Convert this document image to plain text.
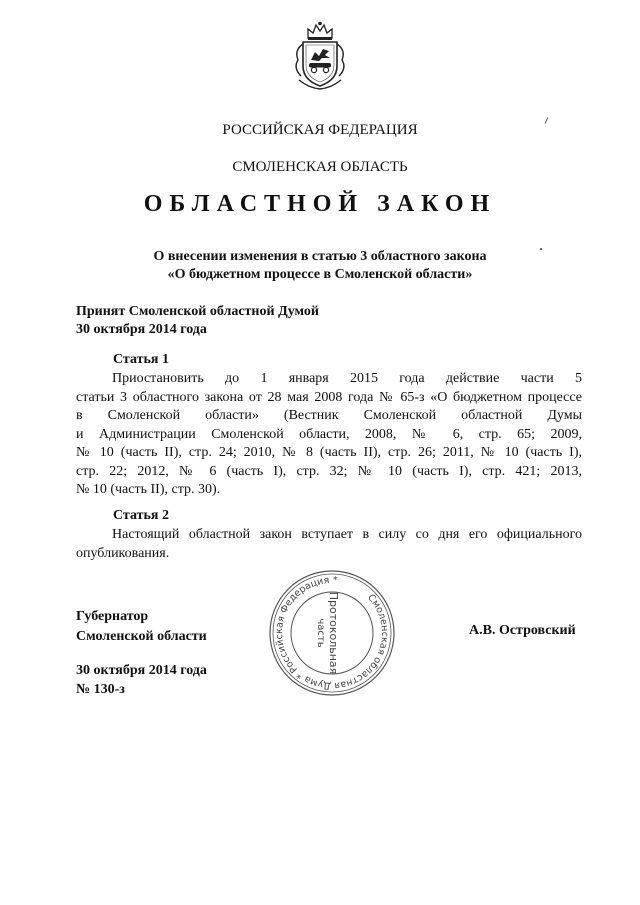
РОССИЙСКАЯ ФЕДЕРАЦИЯ
СМОЛЕНСКАЯ ОБЛАСТЬ
ОБЛАСТНОЙ ЗАКОН
О внесении изменения в статью 3 областного закона
«О бюджетном процессе в Смоленской области»
Принят Смоленской областной Думой
30 октября 2014 года
Статья 1
Приостановить до 1 января 2015 года действие части 5
статьи 3 областного закона от 28 мая 2008 года № 65-з «О бюджетном процессе
в Смоленской области» (Вестник Смоленской областной Думы
и Администрации Смоленской области, 2008, № 6, стр. 65; 2009,
№ 10 (часть II), стр. 24; 2010, № 8 (часть II), стр. 26; 2011, № 10 (часть I),
стр. 22; 2012, № 6 (часть I), стр. 32; № 10 (часть I), стр. 421; 2013,
№ 10 (часть II), стр. 30).
Статья 2
Настоящий областной закон вступает в силу со дня его официального
опубликования.
Губернатор
Смоленской области
Смоленская областная Дума * Российская Федерация *
Протокольная
часть	А.В. Островский
30 октября 2014 года
№ 130-з
